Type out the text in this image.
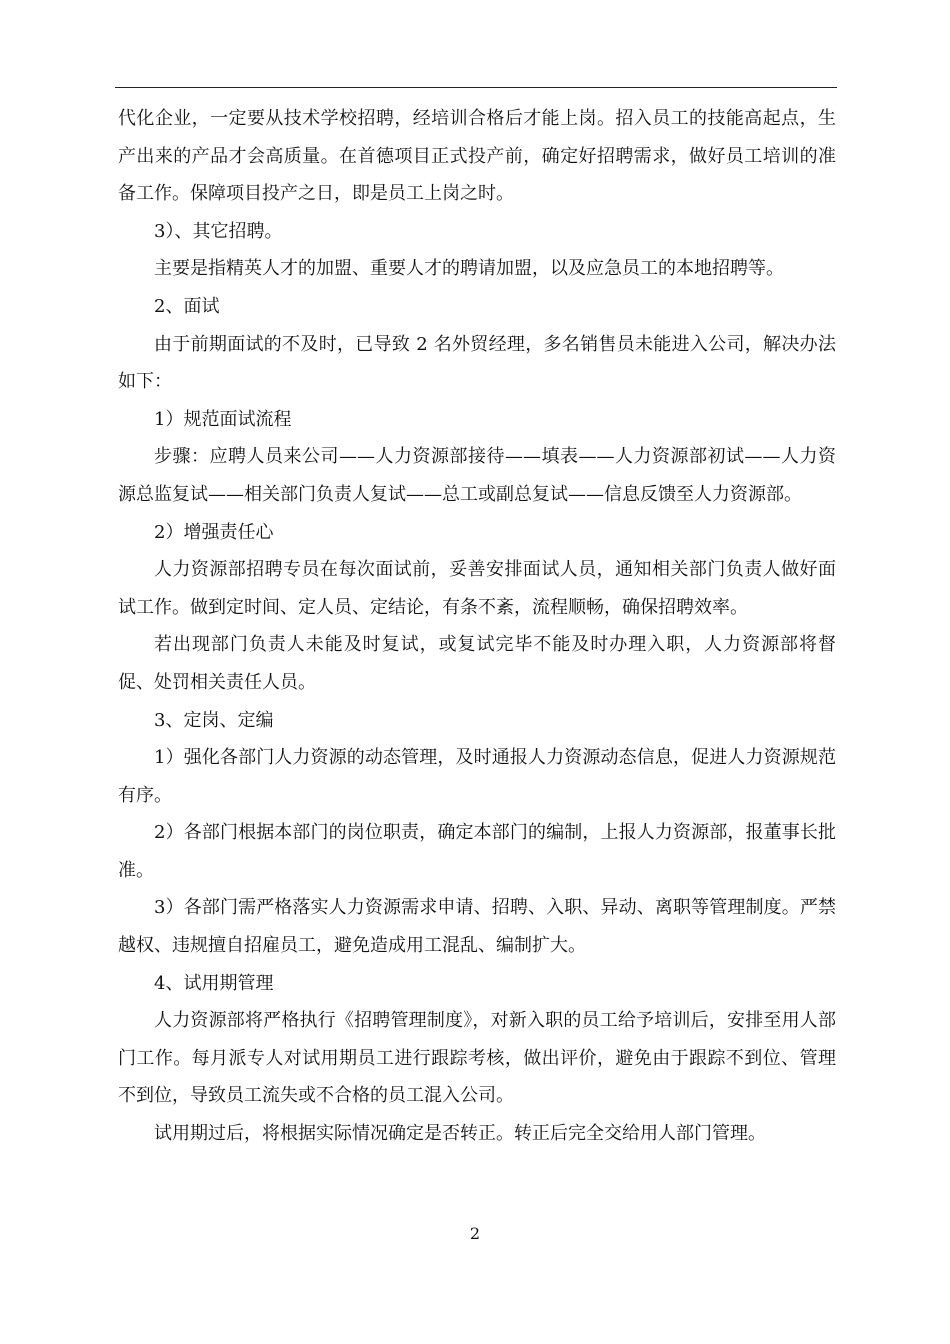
代化企业，一定要从技术学校招聘，经培训合格后才能上岗。招入员工的技能高起点，生产出来的产品才会高质量。在首德项目正式投产前，确定好招聘需求，做好员工培训的准备工作。保障项目投产之日，即是员工上岗之时。

3）、其它招聘。

主要是指精英人才的加盟、重要人才的聘请加盟，以及应急员工的本地招聘等。

2、面试

由于前期面试的不及时，已导致 2 名外贸经理，多名销售员未能进入公司，解决办法如下：

1）规范面试流程

步骤：应聘人员来公司——人力资源部接待——填表——人力资源部初试——人力资源总监复试——相关部门负责人复试——总工或副总复试——信息反馈至人力资源部。

2）增强责任心

人力资源部招聘专员在每次面试前，妥善安排面试人员，通知相关部门负责人做好面试工作。做到定时间、定人员、定结论，有条不紊，流程顺畅，确保招聘效率。

若出现部门负责人未能及时复试，或复试完毕不能及时办理入职，人力资源部将督促、处罚相关责任人员。

3、定岗、定编

1）强化各部门人力资源的动态管理，及时通报人力资源动态信息，促进人力资源规范有序。

2）各部门根据本部门的岗位职责，确定本部门的编制，上报人力资源部，报董事长批准。

3）各部门需严格落实人力资源需求申请、招聘、入职、异动、离职等管理制度。严禁越权、违规擅自招雇员工，避免造成用工混乱、编制扩大。

4、试用期管理

人力资源部将严格执行《招聘管理制度》，对新入职的员工给予培训后，安排至用人部门工作。每月派专人对试用期员工进行跟踪考核，做出评价，避免由于跟踪不到位、管理不到位，导致员工流失或不合格的员工混入公司。

试用期过后，将根据实际情况确定是否转正。转正后完全交给用人部门管理。

2
